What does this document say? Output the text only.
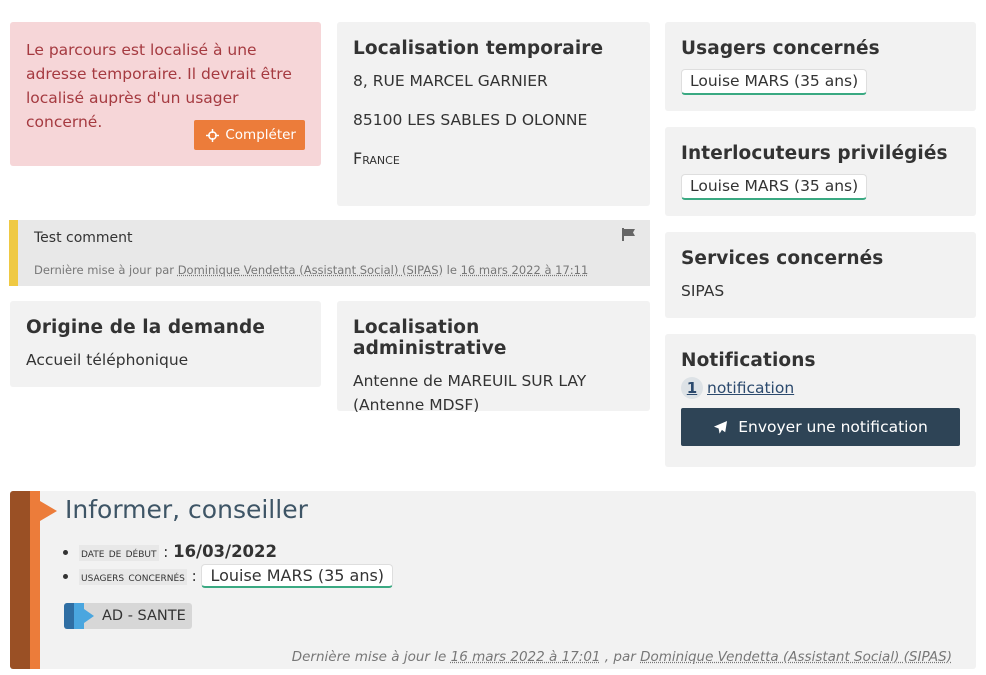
Le parcours est localisé à une adresse temporaire. Il devrait être localisé auprès d'un usager concerné.
Compléter
Localisation temporaire

8, RUE MARCEL GARNIER

85100 LES SABLES D OLONNE

France

Usagers concernés
Louise MARS (35 ans)
Interlocuteurs privilégiés
Louise MARS (35 ans)
Services concernés

SIPAS

Test comment
Dernière mise à jour par Dominique Vendetta (Assistant Social) (SIPAS) le 16 mars 2022 à 17:11
Origine de la demande

Accueil téléphonique

Localisation administrative

Antenne de MAREUIL SUR LAY (Antenne MDSF)

Notifications
1 notification
Envoyer une notification
Informer, conseiller
• date de début : 16/03/2022
• usagers concernés : Louise MARS (35 ans)
AD - SANTE
Dernière mise à jour le 16 mars 2022 à 17:01 , par Dominique Vendetta (Assistant Social) (SIPAS)
